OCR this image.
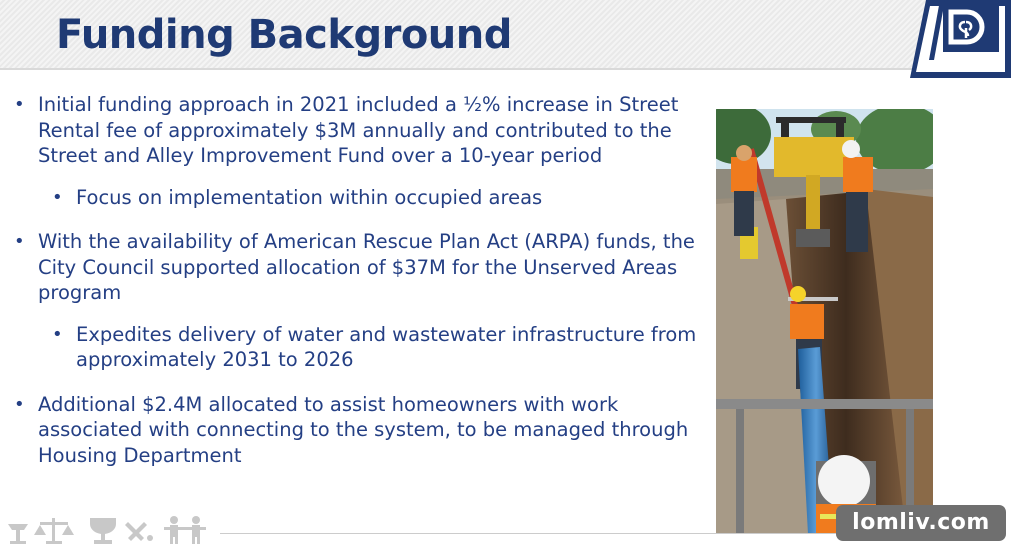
Funding Background
• Initial funding approach in 2021 included a ½% increase in Street Rental fee of approximately $3M annually and contributed to the Street and Alley Improvement Fund over a 10-year period
• Focus on implementation within occupied areas
• With the availability of American Rescue Plan Act (ARPA) funds, the City Council supported allocation of $37M for the Unserved Areas program
• Expedites delivery of water and wastewater infrastructure from approximately 2031 to 2026
• Additional $2.4M allocated to assist homeowners with work associated with connecting to the system, to be managed through Housing Department
lomliv.com
